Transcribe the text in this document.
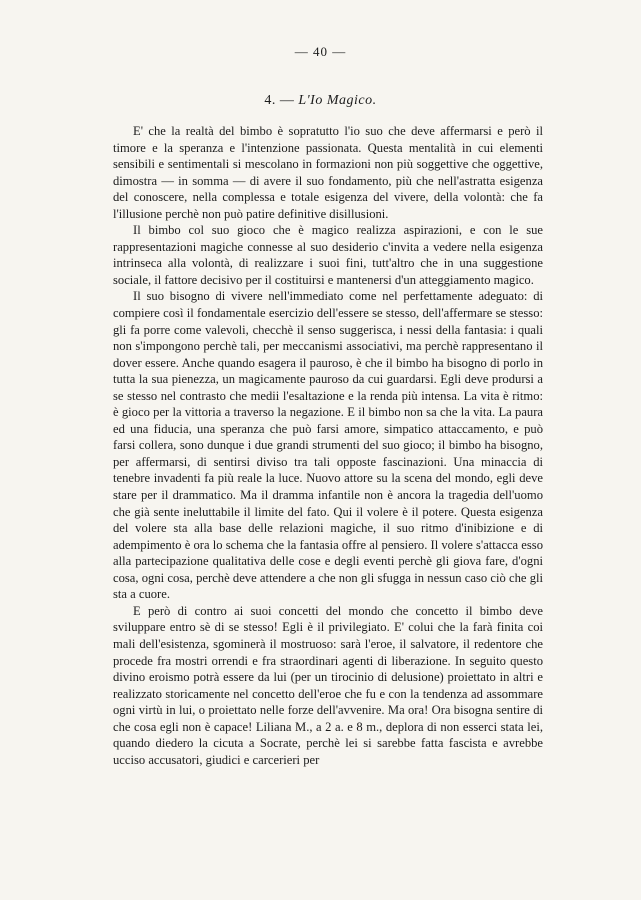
— 40 —
4. — L'Io Magico.

E' che la realtà del bimbo è sopratutto l'io suo che deve affermarsi e però il timore e la speranza e l'intenzione passionata. Questa mentalità in cui elementi sensibili e sentimentali si mescolano in formazioni non più soggettive che oggettive, dimostra — in somma — di avere il suo fondamento, più che nell'astratta esigenza del conoscere, nella complessa e totale esigenza del vivere, della volontà: che fa l'illusione perchè non può patire definitive disillusioni.

Il bimbo col suo gioco che è magico realizza aspirazioni, e con le sue rappresentazioni magiche connesse al suo desiderio c'invita a vedere nella esigenza intrinseca alla volontà, di realizzare i suoi fini, tutt'altro che in una suggestione sociale, il fattore decisivo per il costituirsi e mantenersi d'un atteggiamento magico.

Il suo bisogno di vivere nell'immediato come nel perfettamente adeguato: di compiere così il fondamentale esercizio dell'essere se stesso, dell'affermare se stesso: gli fa porre come valevoli, checchè il senso suggerisca, i nessi della fantasia: i quali non s'impongono perchè tali, per meccanismi associativi, ma perchè rappresentano il dover essere. Anche quando esagera il pauroso, è che il bimbo ha bisogno di porlo in tutta la sua pienezza, un magicamente pauroso da cui guardarsi. Egli deve prodursi a se stesso nel contrasto che medii l'esaltazione e la renda più intensa. La vita è ritmo: è gioco per la vittoria a traverso la negazione. E il bimbo non sa che la vita. La paura ed una fiducia, una speranza che può farsi amore, simpatico attaccamento, e può farsi collera, sono dunque i due grandi strumenti del suo gioco; il bimbo ha bisogno, per affermarsi, di sentirsi diviso tra tali opposte fascinazioni. Una minaccia di tenebre invadenti fa più reale la luce. Nuovo attore su la scena del mondo, egli deve stare per il drammatico. Ma il dramma infantile non è ancora la tragedia dell'uomo che già sente ineluttabile il limite del fato. Qui il volere è il potere. Questa esigenza del volere sta alla base delle relazioni magiche, il suo ritmo d'inibizione e di adempimento è ora lo schema che la fantasia offre al pensiero. Il volere s'attacca esso alla partecipazione qualitativa delle cose e degli eventi perchè gli giova fare, d'ogni cosa, ogni cosa, perchè deve attendere a che non gli sfugga in nessun caso ciò che gli sta a cuore.

E però di contro ai suoi concetti del mondo che concetto il bimbo deve sviluppare entro sè di se stesso! Egli è il privilegiato. E' colui che la farà finita coi mali dell'esistenza, sgominerà il mostruoso: sarà l'eroe, il salvatore, il redentore che procede fra mostri orrendi e fra straordinari agenti di liberazione. In seguito questo divino eroismo potrà essere da lui (per un tirocinio di delusione) proiettato in altri e realizzato storicamente nel concetto dell'eroe che fu e con la tendenza ad assommare ogni virtù in lui, o proiettato nelle forze dell'avvenire. Ma ora! Ora bisogna sentire di che cosa egli non è capace! Liliana M., a 2 a. e 8 m., deplora di non esserci stata lei, quando diedero la cicuta a Socrate, perchè lei si sarebbe fatta fascista e avrebbe ucciso accusatori, giudici e carcerieri per
